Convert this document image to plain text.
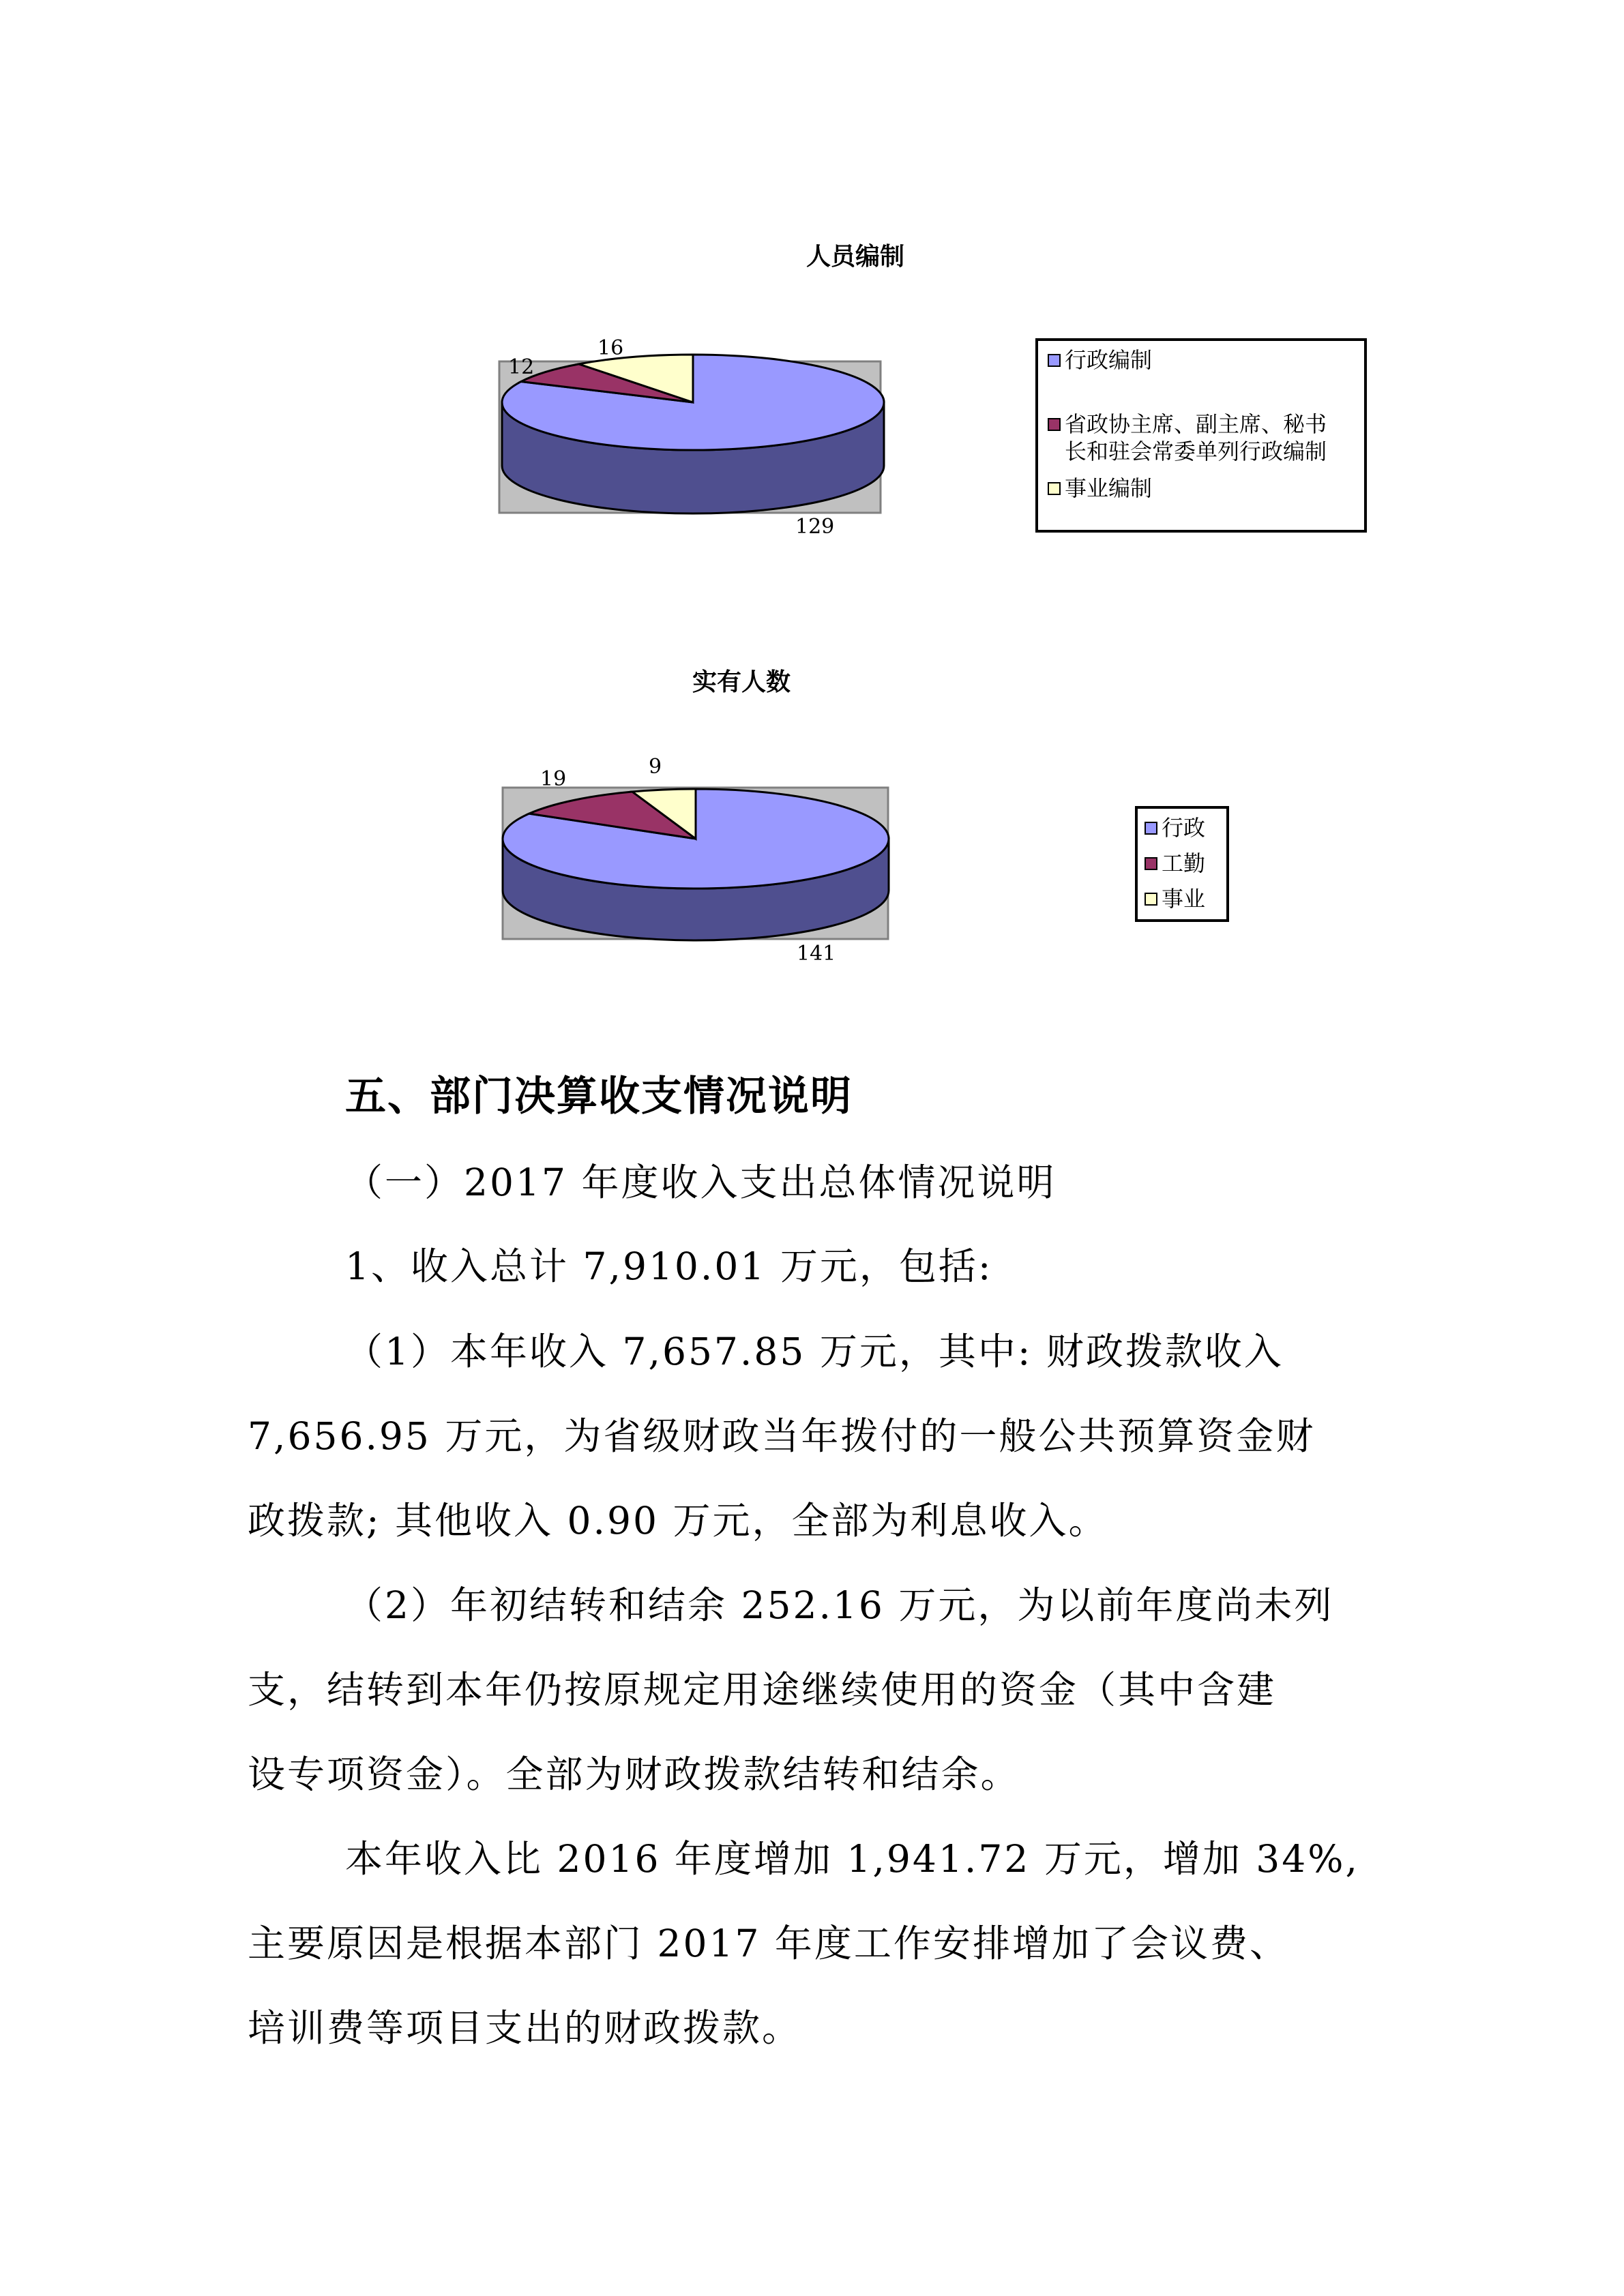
人员编制
129
12
16	行政编制
省政协主席、副主席、秘书
长和驻会常委单列行政编制
事业编制
实有人数
141
19
9
行政
工勤
事业
五、部门决算收支情况说明
（一）2017 年度收入支出总体情况说明
1、收入总计 7,910.01 万元，包括:
（1）本年收入 7,657.85 万元，其中: 财政拨款收入
7,656.95 万元，为省级财政当年拨付的一般公共预算资金财
政拨款; 其他收入 0.90 万元，全部为利息收入。
（2）年初结转和结余 252.16 万元，为以前年度尚未列
支，结转到本年仍按原规定用途继续使用的资金（其中含建
设专项资金）。全部为财政拨款结转和结余。
本年收入比 2016 年度增加 1,941.72 万元，增加 34%,
主要原因是根据本部门 2017 年度工作安排增加了会议费、
培训费等项目支出的财政拨款。
